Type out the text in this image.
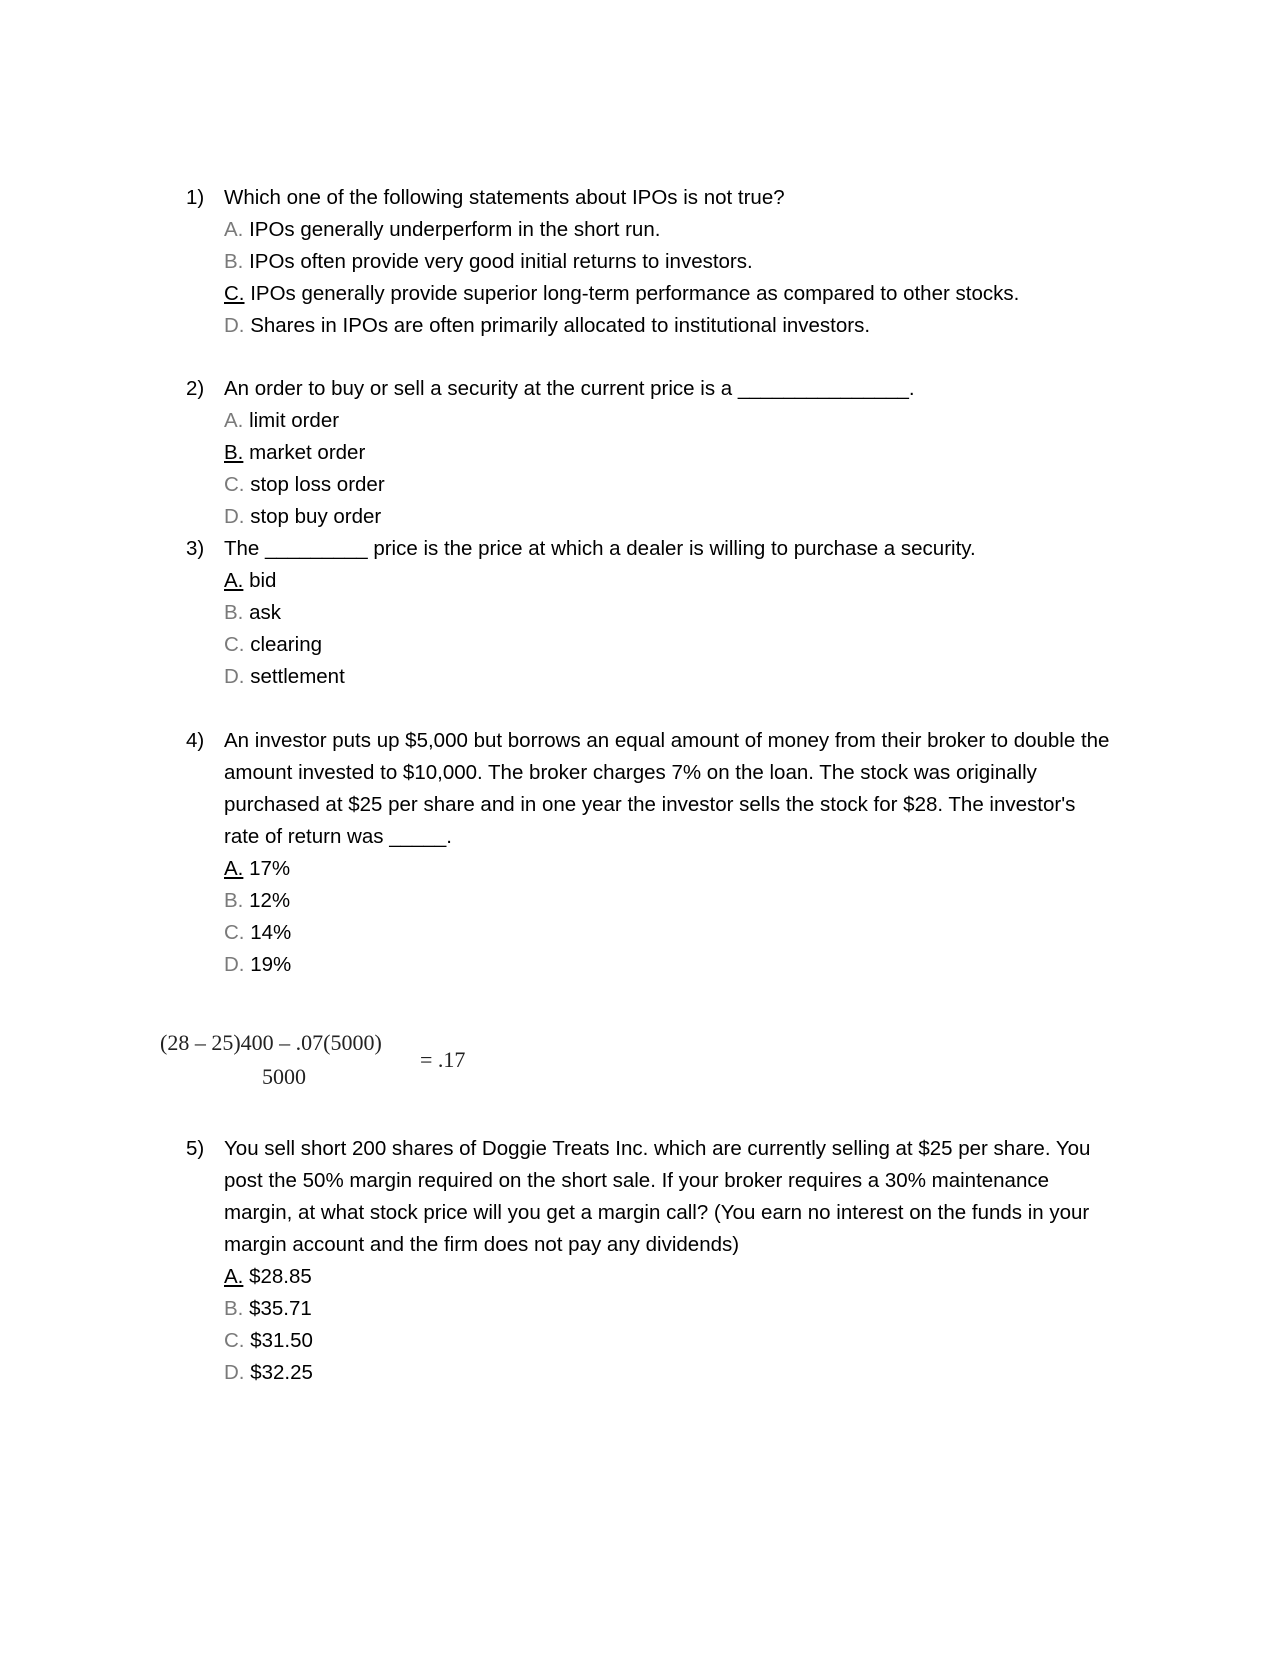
1) Which one of the following statements about IPOs is not true?
A. IPOs generally underperform in the short run.
B. IPOs often provide very good initial returns to investors.
C. IPOs generally provide superior long-term performance as compared to other stocks.
D. Shares in IPOs are often primarily allocated to institutional investors.
2) An order to buy or sell a security at the current price is a _______________.
A. limit order
B. market order
C. stop loss order
D. stop buy order
3) The _________ price is the price at which a dealer is willing to purchase a security.
A. bid
B. ask
C. clearing
D. settlement
4) An investor puts up $5,000 but borrows an equal amount of money from their broker to double the amount invested to $10,000. The broker charges 7% on the loan. The stock was originally purchased at $25 per share and in one year the investor sells the stock for $28. The investor's rate of return was _____.
A. 17%
B. 12%
C. 14%
D. 19%
(28 – 25)400 – .07(5000)
5000
= .17
5) You sell short 200 shares of Doggie Treats Inc. which are currently selling at $25 per share. You post the 50% margin required on the short sale. If your broker requires a 30% maintenance margin, at what stock price will you get a margin call? (You earn no interest on the funds in your margin account and the firm does not pay any dividends)
A. $28.85
B. $35.71
C. $31.50
D. $32.25
